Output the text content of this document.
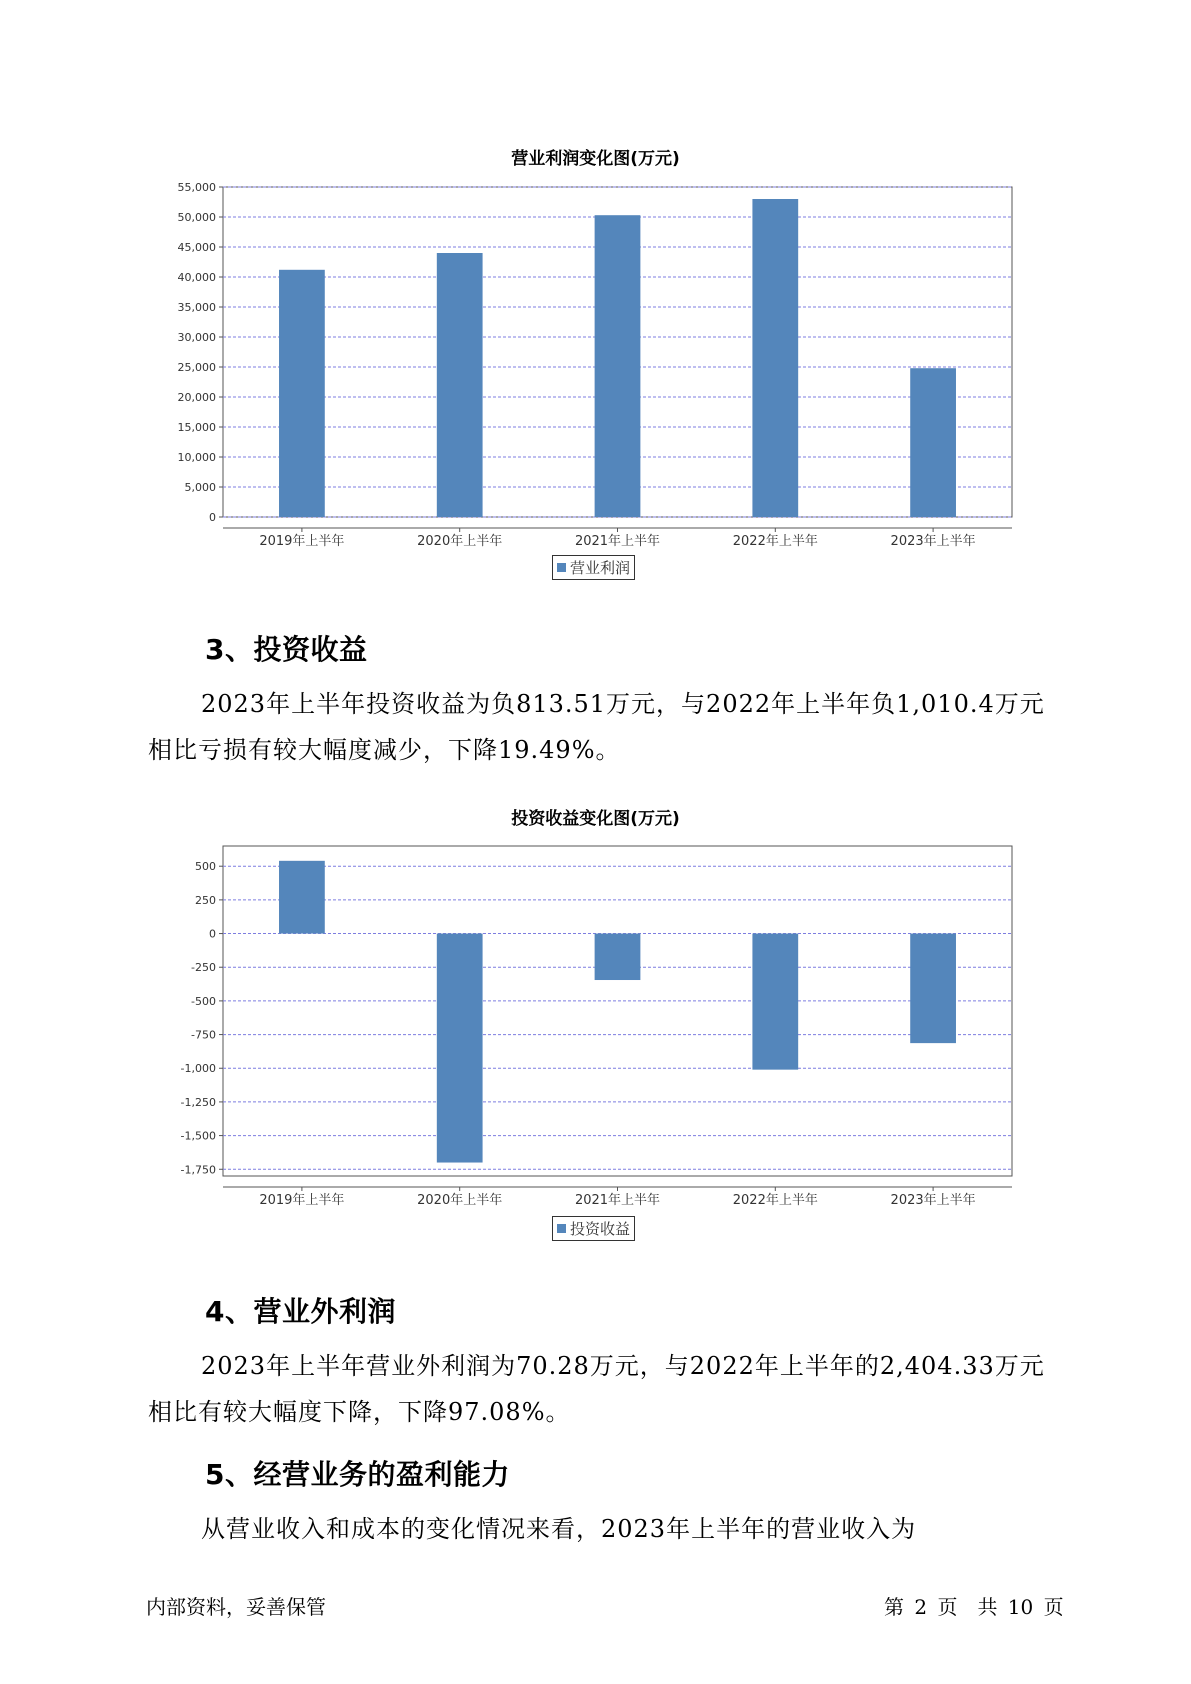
营业利润变化图(万元)
0
5,000
10,000
15,000
20,000
25,000
30,000
35,000
40,000
45,000
50,000
55,000
2019年上半年	2020年上半年	2021年上半年	2022年上半年	2023年上半年
营业利润
3、投资收益

2023年上半年投资收益为负813.51万元，与2022年上半年负1,010.4万元相比亏损有较大幅度减少，下降19.49%。

投资收益变化图(万元)
500
250
0
-250
-500
-750
-1,000
-1,250
-1,500
-1,750
2019年上半年	2020年上半年	2021年上半年	2022年上半年	2023年上半年
投资收益
4、营业外利润

2023年上半年营业外利润为70.28万元，与2022年上半年的2,404.33万元相比有较大幅度下降，下降97.08%。

5、经营业务的盈利能力

从营业收入和成本的变化情况来看，2023年上半年的营业收入为

内部资料，妥善保管	第 2 页　共 10 页
